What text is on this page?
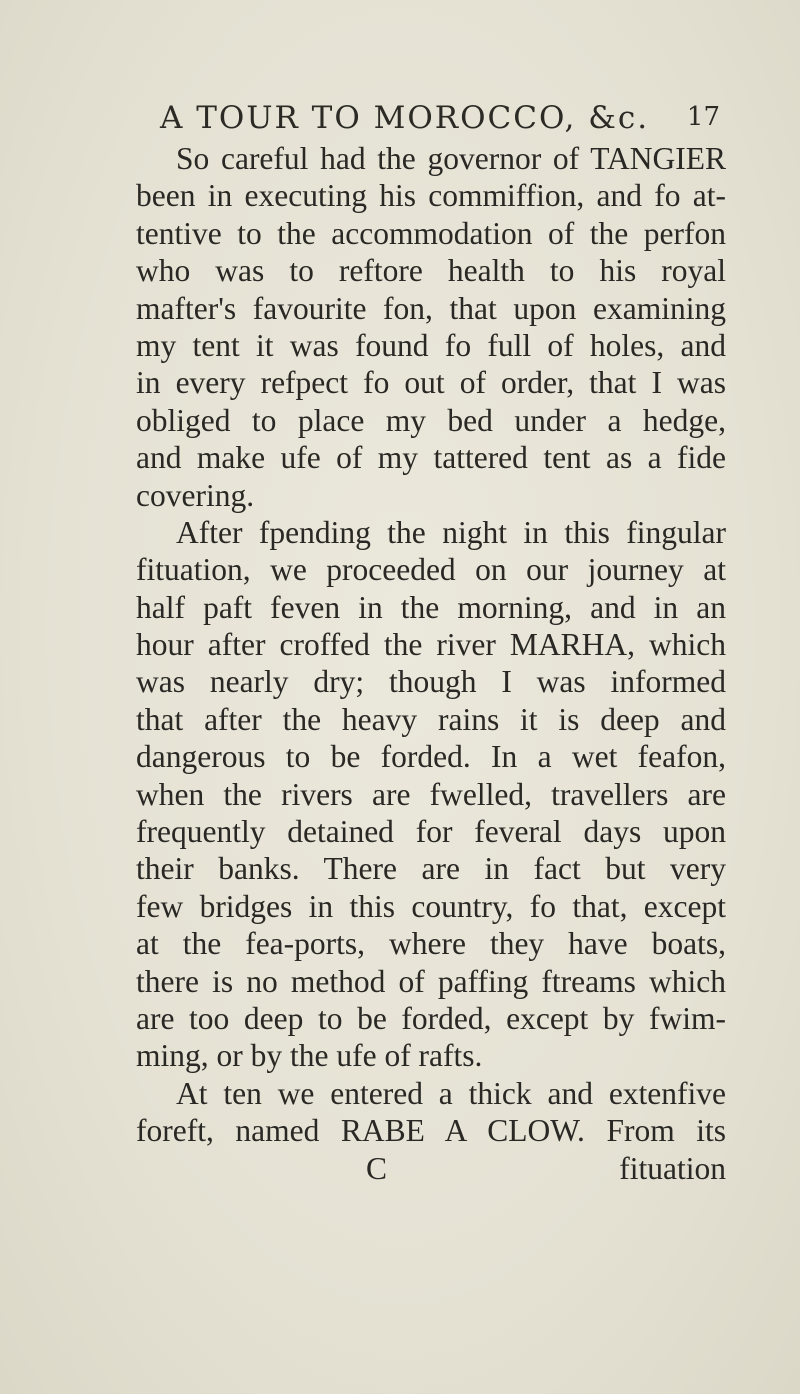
A TOUR TO MOROCCO, &c. 17
So careful had the governor of TANGIER
been in executing his commiffion, and fo at-
tentive to the accommodation of the perfon
who was to reftore health to his royal
mafter's favourite fon, that upon examining
my tent it was found fo full of holes, and
in every refpect fo out of order, that I was
obliged to place my bed under a hedge,
and make ufe of my tattered tent as a fide
covering.
After fpending the night in this fingular
fituation, we proceeded on our journey at
half paft feven in the morning, and in an
hour after croffed the river MARHA, which
was nearly dry; though I was informed
that after the heavy rains it is deep and
dangerous to be forded. In a wet feafon,
when the rivers are fwelled, travellers are
frequently detained for feveral days upon
their banks. There are in fact but very
few bridges in this country, fo that, except
at the fea-ports, where they have boats,
there is no method of paffing ftreams which
are too deep to be forded, except by fwim-
ming, or by the ufe of rafts.
At ten we entered a thick and extenfive
foreft, named RABE A CLOW. From its
C	fituation
